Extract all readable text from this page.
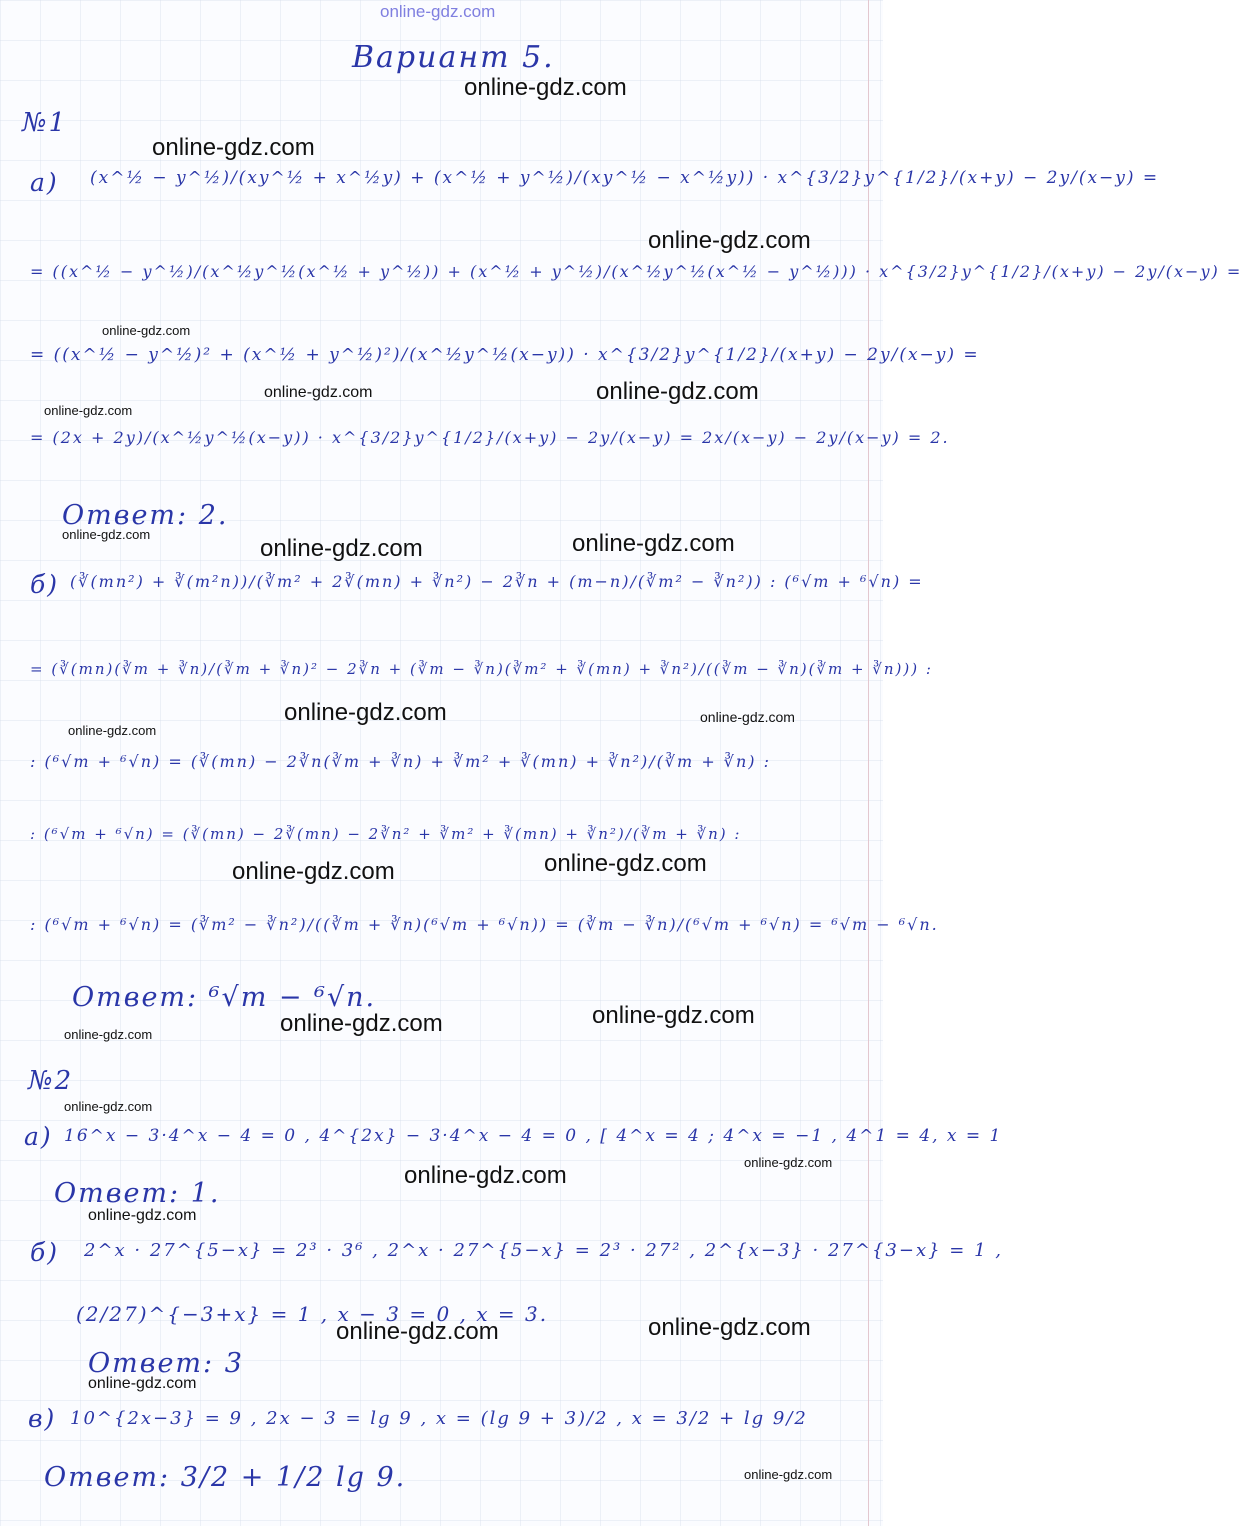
online-gdz.com
Вариант 5.
№1
а) (x^½ − y^½)/(xy^½ + x^½y) + (x^½ + y^½)/(xy^½ − x^½y)) · x^{3/2}y^{1/2}/(x+y) − 2y/(x−y) =
= ((x^½ − y^½)/(x^½y^½(x^½ + y^½)) + (x^½ + y^½)/(x^½y^½(x^½ − y^½))) · x^{3/2}y^{1/2}/(x+y) − 2y/(x−y) =
= ((x^½ − y^½)² + (x^½ + y^½)²)/(x^½y^½(x−y)) · x^{3/2}y^{1/2}/(x+y) − 2y/(x−y) =
= (2x + 2y)/(x^½y^½(x−y)) · x^{3/2}y^{1/2}/(x+y) − 2y/(x−y) = 2x/(x−y) − 2y/(x−y) = 2.
Ответ: 2.
б) (∛(mn²) + ∛(m²n))/(∛m² + 2∛(mn) + ∛n²) − 2∛n + (m−n)/(∛m² − ∛n²)) : (⁶√m + ⁶√n) =
= (∛(mn)(∛m + ∛n)/(∛m + ∛n)² − 2∛n + (∛m − ∛n)(∛m² + ∛(mn) + ∛n²)/((∛m − ∛n)(∛m + ∛n))) :
: (⁶√m + ⁶√n) = (∛(mn) − 2∛n(∛m + ∛n) + ∛m² + ∛(mn) + ∛n²)/(∛m + ∛n) :
: (⁶√m + ⁶√n) = (∛(mn) − 2∛(mn) − 2∛n² + ∛m² + ∛(mn) + ∛n²)/(∛m + ∛n) :
: (⁶√m + ⁶√n) = (∛m² − ∛n²)/((∛m + ∛n)(⁶√m + ⁶√n)) = (∛m − ∛n)/(⁶√m + ⁶√n) = ⁶√m − ⁶√n.
Ответ: ⁶√m − ⁶√n.
№2
а) 16^x − 3·4^x − 4 = 0 , 4^{2x} − 3·4^x − 4 = 0 , [ 4^x = 4 ; 4^x = −1 , 4^1 = 4, x = 1
Ответ: 1.
б) 2^x · 27^{5−x} = 2³ · 3⁶ , 2^x · 27^{5−x} = 2³ · 27² , 2^{x−3} · 27^{3−x} = 1 ,
(2/27)^{−3+x} = 1 , x − 3 = 0 , x = 3.
Ответ: 3
в) 10^{2x−3} = 9 , 2x − 3 = lg 9 , x = (lg 9 + 3)/2 , x = 3/2 + lg 9/2
Ответ: 3/2 + 1/2 lg 9.
online-gdz.com
online-gdz.com
online-gdz.com
online-gdz.com
online-gdz.com
online-gdz.com
online-gdz.com
online-gdz.com
online-gdz.com	online-gdz.com
online-gdz.com	online-gdz.com
online-gdz.com
online-gdz.com
online-gdz.com
online-gdz.com
online-gdz.com
online-gdz.com
online-gdz.com
online-gdz.com
online-gdz.com
online-gdz.com
online-gdz.com
online-gdz.com
online-gdz.com
online-gdz.com
